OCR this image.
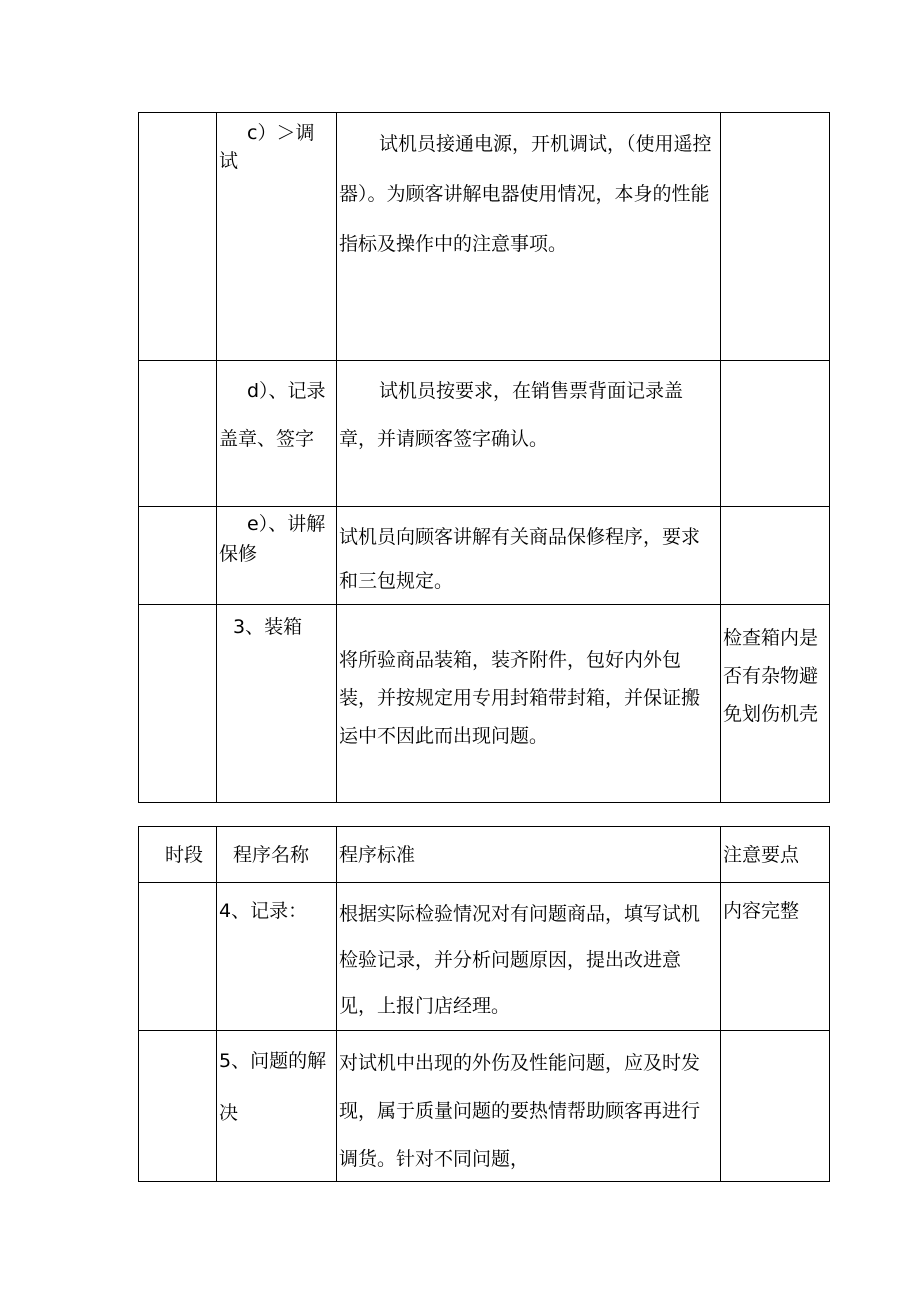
c）＞调试
试机员接通电源，开机调试，（使用遥控器）。为顾客讲解电器使用情况，本身的性能指标及操作中的注意事项。
d）、记录盖章、签字
试机员按要求，在销售票背面记录盖章，并请顾客签字确认。
e）、讲解保修
试机员向顾客讲解有关商品保修程序，要求和三包规定。
3、装箱
将所验商品装箱，装齐附件，包好内外包装，并按规定用专用封箱带封箱，并保证搬运中不因此而出现问题。
检查箱内是否有杂物避免划伤机壳
时段 程序名称 程序标准	注意要点
4、记录：	根据实际检验情况对有问题商品，填写试机检验记录，并分析问题原因，提出改进意见，上报门店经理。
内容完整
5、问题的解决
对试机中出现的外伤及性能问题，应及时发现，属于质量问题的要热情帮助顾客再进行调货。针对不同问题，
